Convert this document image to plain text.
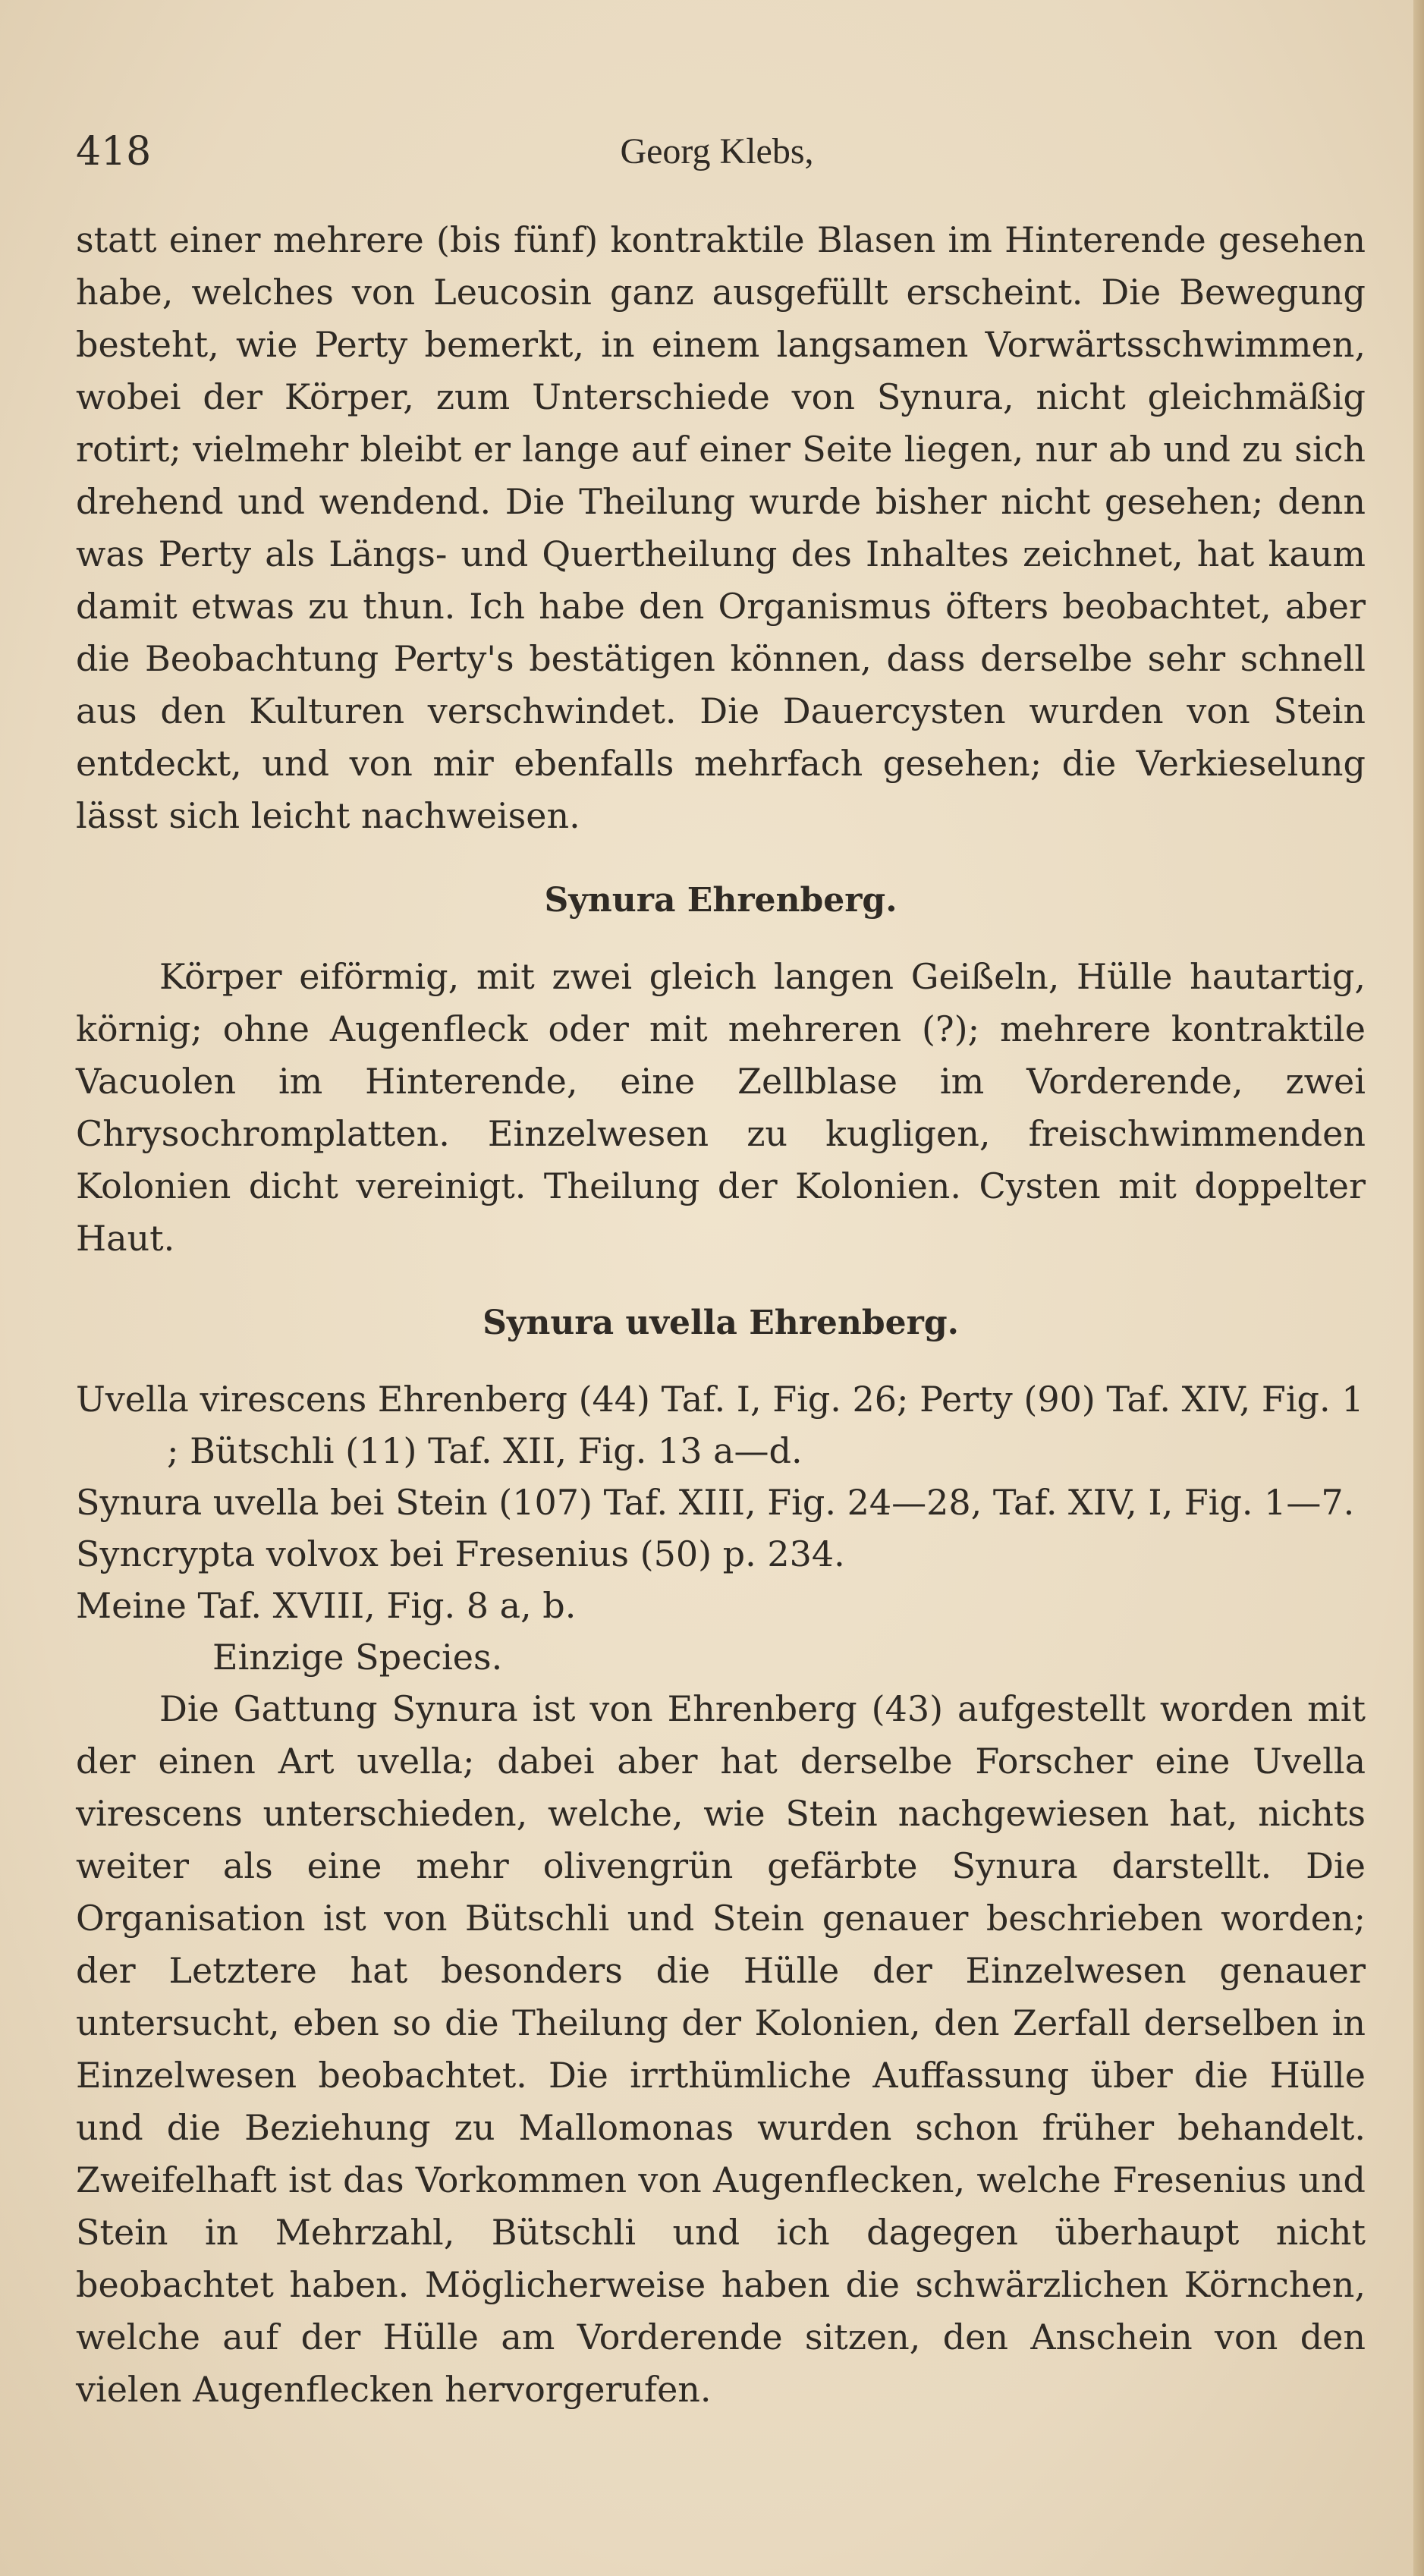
418	Georg Klebs,

statt einer mehrere (bis fünf) kontraktile Blasen im Hinterende gesehen habe, welches von Leucosin ganz ausgefüllt erscheint. Die Bewegung besteht, wie Perty bemerkt, in einem langsamen Vorwärtsschwimmen, wobei der Körper, zum Unterschiede von Synura, nicht gleichmäßig rotirt; vielmehr bleibt er lange auf einer Seite liegen, nur ab und zu sich drehend und wendend. Die Theilung wurde bisher nicht gesehen; denn was Perty als Längs- und Quertheilung des Inhaltes zeichnet, hat kaum damit etwas zu thun. Ich habe den Organismus öfters beobachtet, aber die Beobachtung Perty's bestätigen können, dass derselbe sehr schnell aus den Kulturen verschwindet. Die Dauercysten wurden von Stein entdeckt, und von mir ebenfalls mehrfach gesehen; die Verkieselung lässt sich leicht nachweisen.

Synura Ehrenberg.

Körper eiförmig, mit zwei gleich langen Geißeln, Hülle hautartig, körnig; ohne Augenfleck oder mit mehreren (?); mehrere kontraktile Vacuolen im Hinterende, eine Zellblase im Vorderende, zwei Chrysochromplatten. Einzelwesen zu kugligen, freischwimmenden Kolonien dicht vereinigt. Theilung der Kolonien. Cysten mit doppelter Haut.

Synura uvella Ehrenberg.

Uvella virescens Ehrenberg (44) Taf. I, Fig. 26; Perty (90) Taf. XIV, Fig. 1 ; Bütschli (11) Taf. XII, Fig. 13 a—d.

Synura uvella bei Stein (107) Taf. XIII, Fig. 24—28, Taf. XIV, I, Fig. 1—7.

Syncrypta volvox bei Fresenius (50) p. 234.

Meine Taf. XVIII, Fig. 8 a, b.

Einzige Species.

Die Gattung Synura ist von Ehrenberg (43) aufgestellt worden mit der einen Art uvella; dabei aber hat derselbe Forscher eine Uvella virescens unterschieden, welche, wie Stein nachgewiesen hat, nichts weiter als eine mehr olivengrün gefärbte Synura darstellt. Die Organisation ist von Bütschli und Stein genauer beschrieben worden; der Letztere hat besonders die Hülle der Einzelwesen genauer untersucht, eben so die Theilung der Kolonien, den Zerfall derselben in Einzelwesen beobachtet. Die irrthümliche Auffassung über die Hülle und die Beziehung zu Mallomonas wurden schon früher behandelt. Zweifelhaft ist das Vorkommen von Augenflecken, welche Fresenius und Stein in Mehrzahl, Bütschli und ich dagegen überhaupt nicht beobachtet haben. Möglicherweise haben die schwärzlichen Körnchen, welche auf der Hülle am Vorderende sitzen, den Anschein von den vielen Augenflecken hervorgerufen.
